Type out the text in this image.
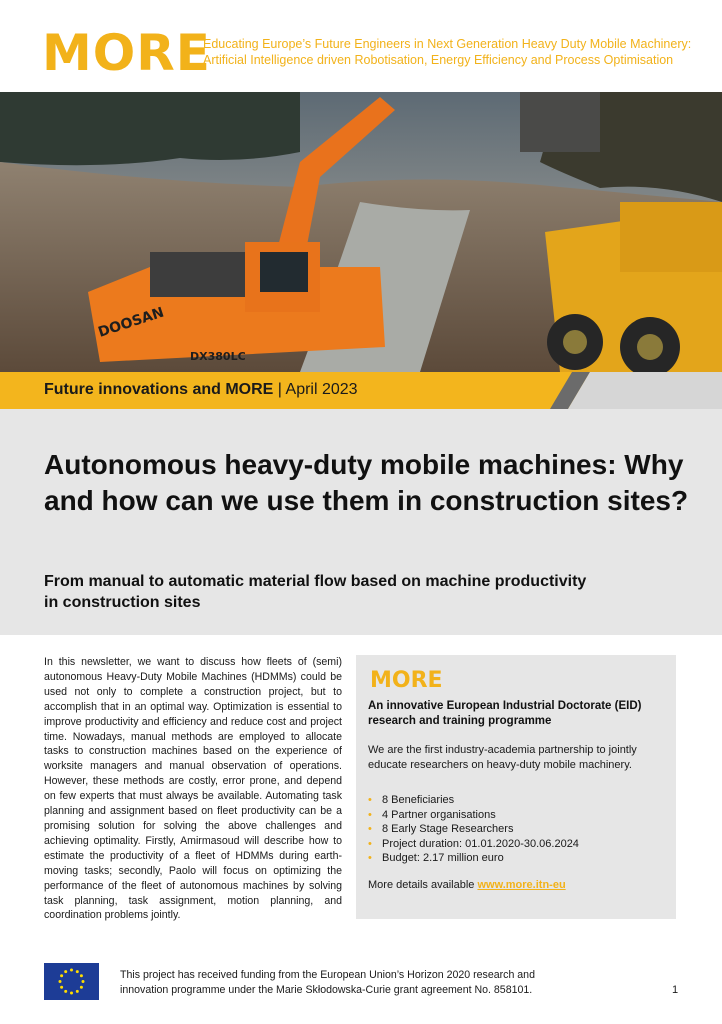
MORE
Educating Europe’s Future Engineers in Next Generation Heavy Duty Mobile Machinery:
Artificial Intelligence driven Robotisation, Energy Efficiency and Process Optimisation
DOOSAN
DX380LC
Future innovations and MORE | April 2023
Autonomous heavy-duty mobile machines: Why and how can we use them in construction sites?
From manual to automatic material flow based on machine productivity in construction sites

In this newsletter, we want to discuss how fleets of (semi) autonomous Heavy-Duty Mobile Machines (HDMMs) could be used not only to complete a construction project, but to accomplish that in an optimal way. Optimization is essential to improve productivity and efficiency and reduce cost and project time. Nowadays, manual methods are employed to allocate tasks to construction machines based on the experience of worksite managers and manual observation of operations. However, these methods are costly, error prone, and depend on few experts that must always be available. Automating task planning and assignment based on fleet productivity can be a promising solution for solving the above challenges and achieving optimality. Firstly, Amirmasoud will describe how to estimate the productivity of a fleet of HDMMs during earth-moving tasks; secondly, Paolo will focus on optimizing the performance of the fleet of autonomous machines by solving task planning, task assignment, motion planning, and coordination problems jointly.

MORE
An innovative European Industrial Doctorate (EID) research and training programme
We are the first industry-academia partnership to jointly educate researchers on heavy-duty mobile machinery.
• 8 Beneficiaries
• 4 Partner organisations
• 8 Early Stage Researchers
• Project duration: 01.01.2020-30.06.2024
• Budget: 2.17 million euro
More details available www.more.itn-eu
This project has received funding from the European Union’s Horizon 2020 research and
innovation programme under the Marie Skłodowska-Curie grant agreement No. 858101.	1
